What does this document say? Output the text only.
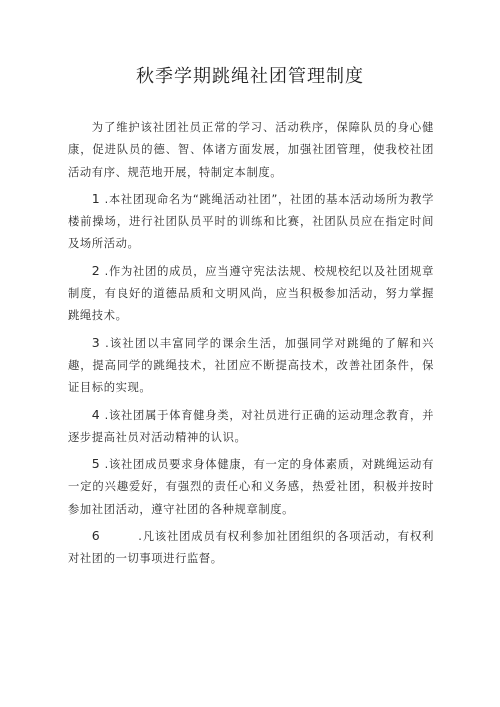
秋季学期跳绳社团管理制度

为了维护该社团社员正常的学习、活动秩序，保障队员的身心健康，促进队员的德、智、体诸方面发展，加强社团管理，使我校社团活动有序、规范地开展，特制定本制度。

1 .本社团现命名为“跳绳活动社团”，社团的基本活动场所为教学楼前操场，进行社团队员平时的训练和比赛，社团队员应在指定时间及场所活动。

2 .作为社团的成员，应当遵守宪法法规、校规校纪以及社团规章制度，有良好的道德品质和文明风尚，应当积极参加活动，努力掌握跳绳技术。

3 .该社团以丰富同学的课余生活，加强同学对跳绳的了解和兴趣，提高同学的跳绳技术，社团应不断提高技术，改善社团条件，保证目标的实现。

4 .该社团属于体育健身类，对社员进行正确的运动理念教育，并逐步提高社员对活动精神的认识。

5 .该社团成员要求身体健康，有一定的身体素质，对跳绳运动有一定的兴趣爱好，有强烈的责任心和义务感，热爱社团，积极并按时参加社团活动，遵守社团的各种规章制度。

6	.凡该社团成员有权利参加社团组织的各项活动，有权利对社团的一切事项进行监督。
